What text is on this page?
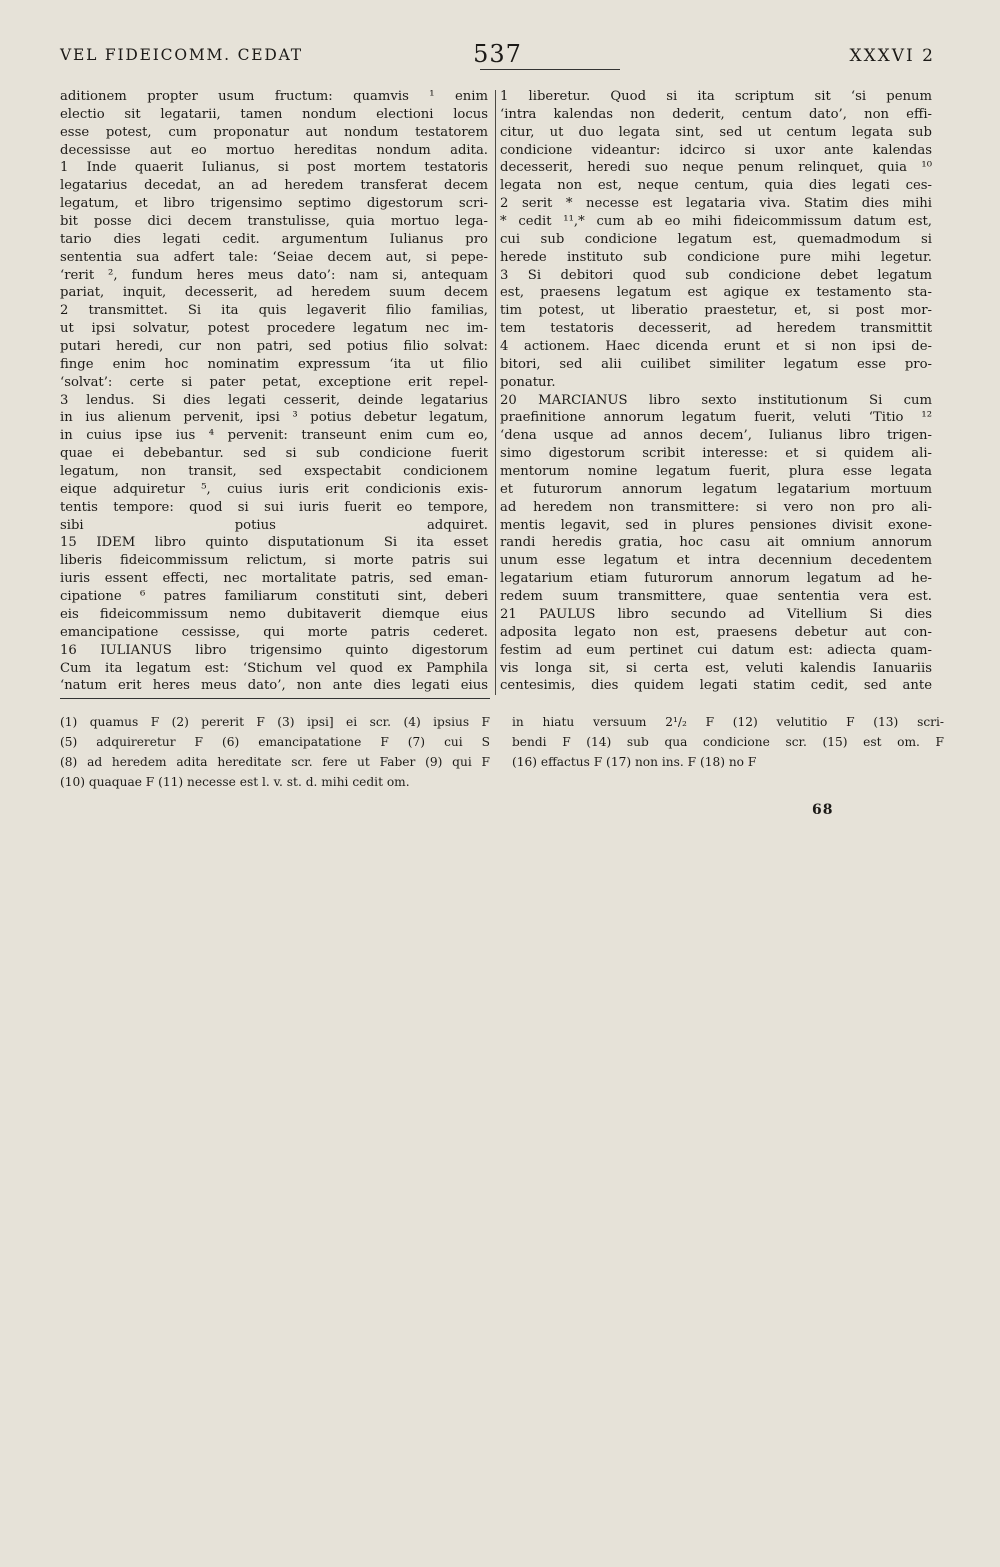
VEL FIDEICOMM. CEDAT	537	XXXVI 2
aditionem propter usum fructum: quamvis ¹ enim
electio sit legatarii, tamen nondum electioni locus
esse potest, cum proponatur aut nondum testatorem
decessisse aut eo mortuo hereditas nondum adita.
1 Inde quaerit Iulianus, si post mortem testatoris
legatarius decedat, an ad heredem transferat decem
legatum, et libro trigensimo septimo digestorum scri-
bit posse dici decem transtulisse, quia mortuo lega-
tario dies legati cedit. argumentum Iulianus pro
sententia sua adfert tale: ‘Seiae decem aut, si pepe-
‘rerit ², fundum heres meus dato’: nam si, antequam
pariat, inquit, decesserit, ad heredem suum decem
2 transmittet. Si ita quis legaverit filio familias,
ut ipsi solvatur, potest procedere legatum nec im-
putari heredi, cur non patri, sed potius filio solvat:
finge enim hoc nominatim expressum ‘ita ut filio
‘solvat’: certe si pater petat, exceptione erit repel-
3 lendus. Si dies legati cesserit, deinde legatarius
in ius alienum pervenit, ipsi ³ potius debetur legatum,
in cuius ipse ius ⁴ pervenit: transeunt enim cum eo,
quae ei debebantur. sed si sub condicione fuerit
legatum, non transit, sed exspectabit condicionem
eique adquiretur ⁵, cuius iuris erit condicionis exis-
tentis tempore: quod si sui iuris fuerit eo tempore,
sibi potius adquiret.
15 IDEM libro quinto disputationum Si ita esset
liberis fideicommissum relictum, si morte patris sui
iuris essent effecti, nec mortalitate patris, sed eman-
cipatione ⁶ patres familiarum constituti sint, deberi
eis fideicommissum nemo dubitaverit diemque eius
emancipatione cessisse, qui morte patris cederet.
16 IULIANUS libro trigensimo quinto digestorum
Cum ita legatum est: ‘Stichum vel quod ex Pamphila
‘natum erit heres meus dato’, non ante dies legati eius
1 liberetur. Quod si ita scriptum sit ‘si penum
‘intra kalendas non dederit, centum dato’, non effi-
citur, ut duo legata sint, sed ut centum legata sub
condicione videantur: idcirco si uxor ante kalendas
decesserit, heredi suo neque penum relinquet, quia ¹⁰
legata non est, neque centum, quia dies legati ces-
2 serit * necesse est legataria viva. Statim dies mihi
* cedit ¹¹,* cum ab eo mihi fideicommissum datum est,
cui sub condicione legatum est, quemadmodum si
herede instituto sub condicione pure mihi legetur.
3 Si debitori quod sub condicione debet legatum
est, praesens legatum est agique ex testamento sta-
tim potest, ut liberatio praestetur, et, si post mor-
tem testatoris decesserit, ad heredem transmittit
4 actionem. Haec dicenda erunt et si non ipsi de-
bitori, sed alii cuilibet similiter legatum esse pro-
ponatur.
20 MARCIANUS libro sexto institutionum Si cum
praefinitione annorum legatum fuerit, veluti ‘Titio ¹²
‘dena usque ad annos decem’, Iulianus libro trigen-
simo digestorum scribit interesse: et si quidem ali-
mentorum nomine legatum fuerit, plura esse legata
et futurorum annorum legatum legatarium mortuum
ad heredem non transmittere: si vero non pro ali-
mentis legavit, sed in plures pensiones divisit exone-
randi heredis gratia, hoc casu ait omnium annorum
unum esse legatum et intra decennium decedentem
legatarium etiam futurorum annorum legatum ad he-
redem suum transmittere, quae sententia vera est.
21 PAULUS libro secundo ad Vitellium Si dies
adposita legato non est, praesens debetur aut con-
festim ad eum pertinet cui datum est: adiecta quam-
vis longa sit, si certa est, veluti kalendis Ianuariis
centesimis, dies quidem legati statim cedit, sed ante
(1) quamus F (2) pererit F (3) ipsi] ei scr. (4) ipsius F
(5) adquireretur F (6) emancipatatione F (7) cui S
(8) ad heredem adita hereditate scr. fere ut Faber (9) qui F
(10) quaquae F (11) necesse est l. v. st. d. mihi cedit om.
in hiatu versuum 2¹/₂ F (12) velutitio F (13) scri-
bendi F (14) sub qua condicione scr. (15) est om. F
(16) effactus F (17) non ins. F (18) no F
68
